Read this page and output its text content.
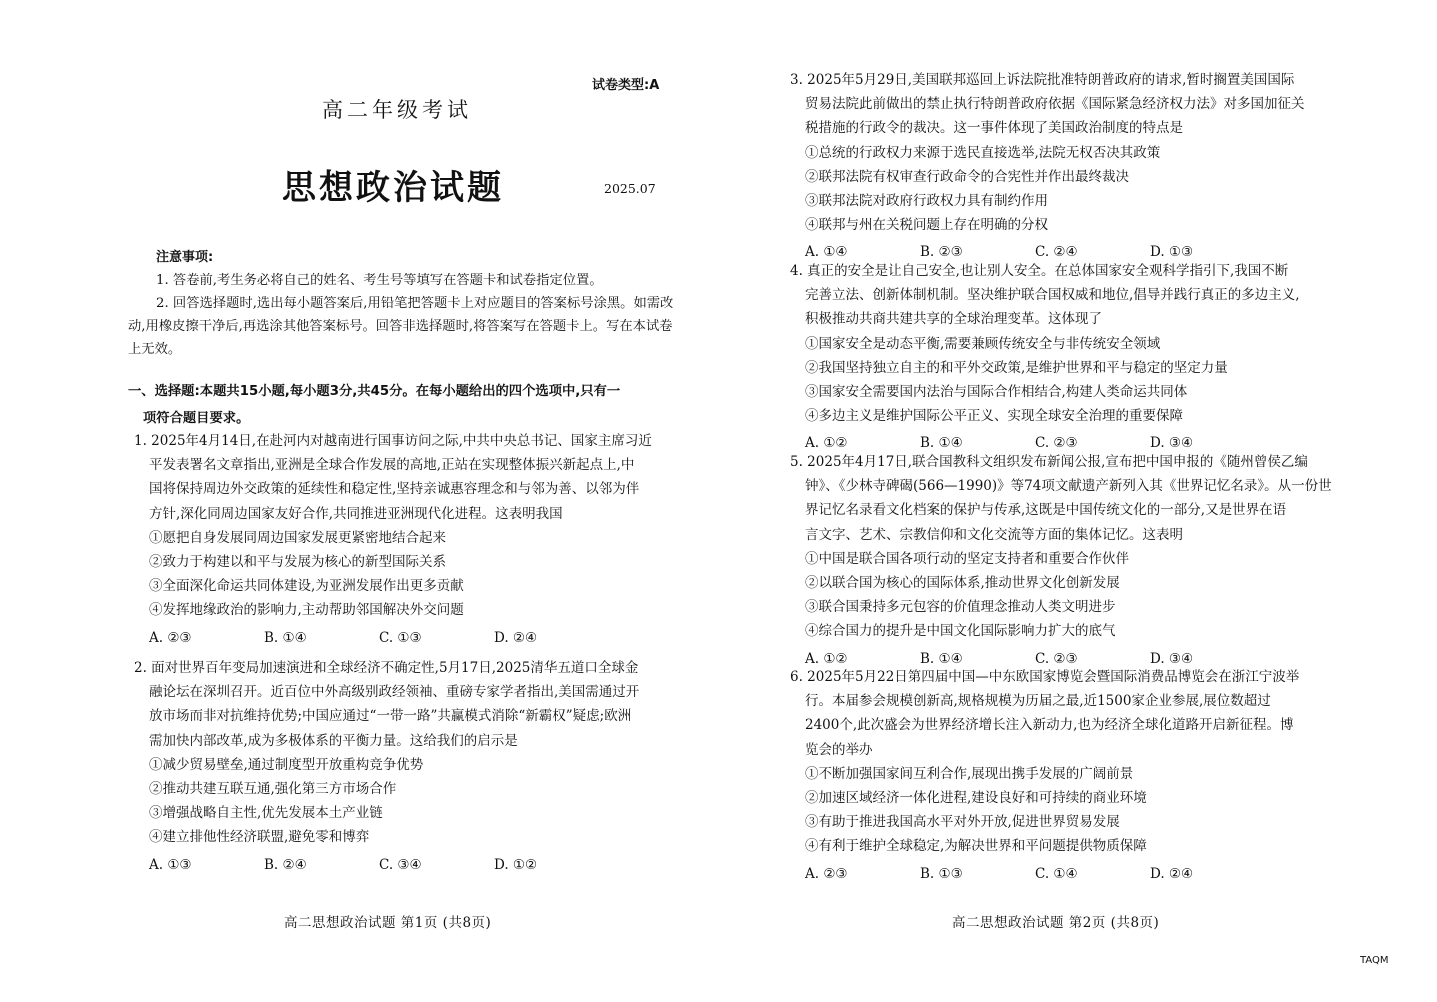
试卷类型:A
高二年级考试
思想政治试题	2025.07

注意事项:

1. 答卷前,考生务必将自己的姓名、考生号等填写在答题卡和试卷指定位置。

2. 回答选择题时,选出每小题答案后,用铅笔把答题卡上对应题目的答案标号涂黑。如需改动,用橡皮擦干净后,再选涂其他答案标号。回答非选择题时,将答案写在答题卡上。写在本试卷上无效。

一、选择题:本题共15小题,每小题3分,共45分。在每小题给出的四个选项中,只有一
项符合题目要求。
1. 2025年4月14日,在赴河内对越南进行国事访问之际,中共中央总书记、国家主席习近
平发表署名文章指出,亚洲是全球合作发展的高地,正站在实现整体振兴新起点上,中
国将保持周边外交政策的延续性和稳定性,坚持亲诚惠容理念和与邻为善、以邻为伴
方针,深化同周边国家友好合作,共同推进亚洲现代化进程。这表明我国
①愿把自身发展同周边国家发展更紧密地结合起来
②致力于构建以和平与发展为核心的新型国际关系
③全面深化命运共同体建设,为亚洲发展作出更多贡献
④发挥地缘政治的影响力,主动帮助邻国解决外交问题
A. ②③	B. ①④	C. ①③	D. ②④
2. 面对世界百年变局加速演进和全球经济不确定性,5月17日,2025清华五道口全球金
融论坛在深圳召开。近百位中外高级别政经领袖、重磅专家学者指出,美国需通过开
放市场而非对抗维持优势;中国应通过“一带一路”共赢模式消除“新霸权”疑虑;欧洲
需加快内部改革,成为多极体系的平衡力量。这给我们的启示是
①减少贸易壁垒,通过制度型开放重构竞争优势
②推动共建互联互通,强化第三方市场合作
③增强战略自主性,优先发展本土产业链
④建立排他性经济联盟,避免零和博弈
A. ①③	B. ②④	C. ③④	D. ①②
高二思想政治试题 第1页 (共8页)
3. 2025年5月29日,美国联邦巡回上诉法院批准特朗普政府的请求,暂时搁置美国国际
贸易法院此前做出的禁止执行特朗普政府依据《国际紧急经济权力法》对多国加征关
税措施的行政令的裁决。这一事件体现了美国政治制度的特点是
①总统的行政权力来源于选民直接选举,法院无权否决其政策
②联邦法院有权审查行政命令的合宪性并作出最终裁决
③联邦法院对政府行政权力具有制约作用
④联邦与州在关税问题上存在明确的分权
A. ①④	B. ②③	C. ②④	D. ①③
4. 真正的安全是让自己安全,也让别人安全。在总体国家安全观科学指引下,我国不断
完善立法、创新体制机制。坚决维护联合国权威和地位,倡导并践行真正的多边主义,
积极推动共商共建共享的全球治理变革。这体现了
①国家安全是动态平衡,需要兼顾传统安全与非传统安全领域
②我国坚持独立自主的和平外交政策,是维护世界和平与稳定的坚定力量
③国家安全需要国内法治与国际合作相结合,构建人类命运共同体
④多边主义是维护国际公平正义、实现全球安全治理的重要保障
A. ①②	B. ①④	C. ②③	D. ③④
5. 2025年4月17日,联合国教科文组织发布新闻公报,宣布把中国申报的《随州曾侯乙编
钟》、《少林寺碑碣(566—1990)》等74项文献遗产新列入其《世界记忆名录》。从一份世
界记忆名录看文化档案的保护与传承,这既是中国传统文化的一部分,又是世界在语
言文字、艺术、宗教信仰和文化交流等方面的集体记忆。这表明
①中国是联合国各项行动的坚定支持者和重要合作伙伴
②以联合国为核心的国际体系,推动世界文化创新发展
③联合国秉持多元包容的价值理念推动人类文明进步
④综合国力的提升是中国文化国际影响力扩大的底气
A. ①②	B. ①④	C. ②③	D. ③④
6. 2025年5月22日第四届中国—中东欧国家博览会暨国际消费品博览会在浙江宁波举
行。本届参会规模创新高,规格规模为历届之最,近1500家企业参展,展位数超过
2400个,此次盛会为世界经济增长注入新动力,也为经济全球化道路开启新征程。博
览会的举办
①不断加强国家间互利合作,展现出携手发展的广阔前景
②加速区域经济一体化进程,建设良好和可持续的商业环境
③有助于推进我国高水平对外开放,促进世界贸易发展
④有利于维护全球稳定,为解决世界和平问题提供物质保障
A. ②③	B. ①③	C. ①④	D. ②④
高二思想政治试题 第2页 (共8页)
TAQM
